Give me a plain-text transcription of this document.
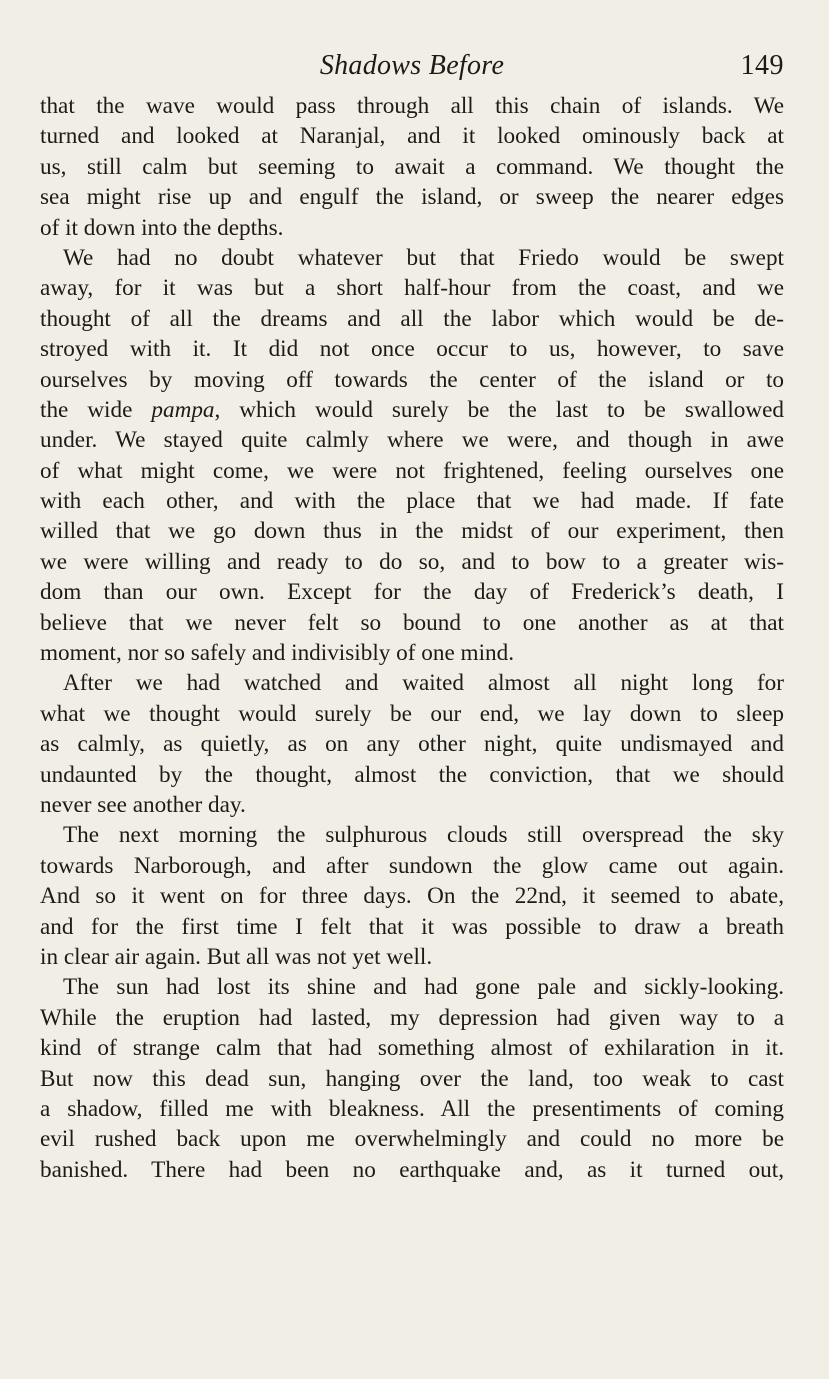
Shadows Before	149
that the wave would pass through all this chain of islands. We
turned and looked at Naranjal, and it looked ominously back at
us, still calm but seeming to await a command. We thought the
sea might rise up and engulf the island, or sweep the nearer edges
of it down into the depths.
We had no doubt whatever but that Friedo would be swept
away, for it was but a short half-hour from the coast, and we
thought of all the dreams and all the labor which would be de-
stroyed with it. It did not once occur to us, however, to save
ourselves by moving off towards the center of the island or to
the wide pampa, which would surely be the last to be swallowed
under. We stayed quite calmly where we were, and though in awe
of what might come, we were not frightened, feeling ourselves one
with each other, and with the place that we had made. If fate
willed that we go down thus in the midst of our experiment, then
we were willing and ready to do so, and to bow to a greater wis-
dom than our own. Except for the day of Frederick’s death, I
believe that we never felt so bound to one another as at that
moment, nor so safely and indivisibly of one mind.
After we had watched and waited almost all night long for
what we thought would surely be our end, we lay down to sleep
as calmly, as quietly, as on any other night, quite undismayed and
undaunted by the thought, almost the conviction, that we should
never see another day.
The next morning the sulphurous clouds still overspread the sky
towards Narborough, and after sundown the glow came out again.
And so it went on for three days. On the 22nd, it seemed to abate,
and for the first time I felt that it was possible to draw a breath
in clear air again. But all was not yet well.
The sun had lost its shine and had gone pale and sickly-looking.
While the eruption had lasted, my depression had given way to a
kind of strange calm that had something almost of exhilaration in it.
But now this dead sun, hanging over the land, too weak to cast
a shadow, filled me with bleakness. All the presentiments of coming
evil rushed back upon me overwhelmingly and could no more be
banished. There had been no earthquake and, as it turned out,
